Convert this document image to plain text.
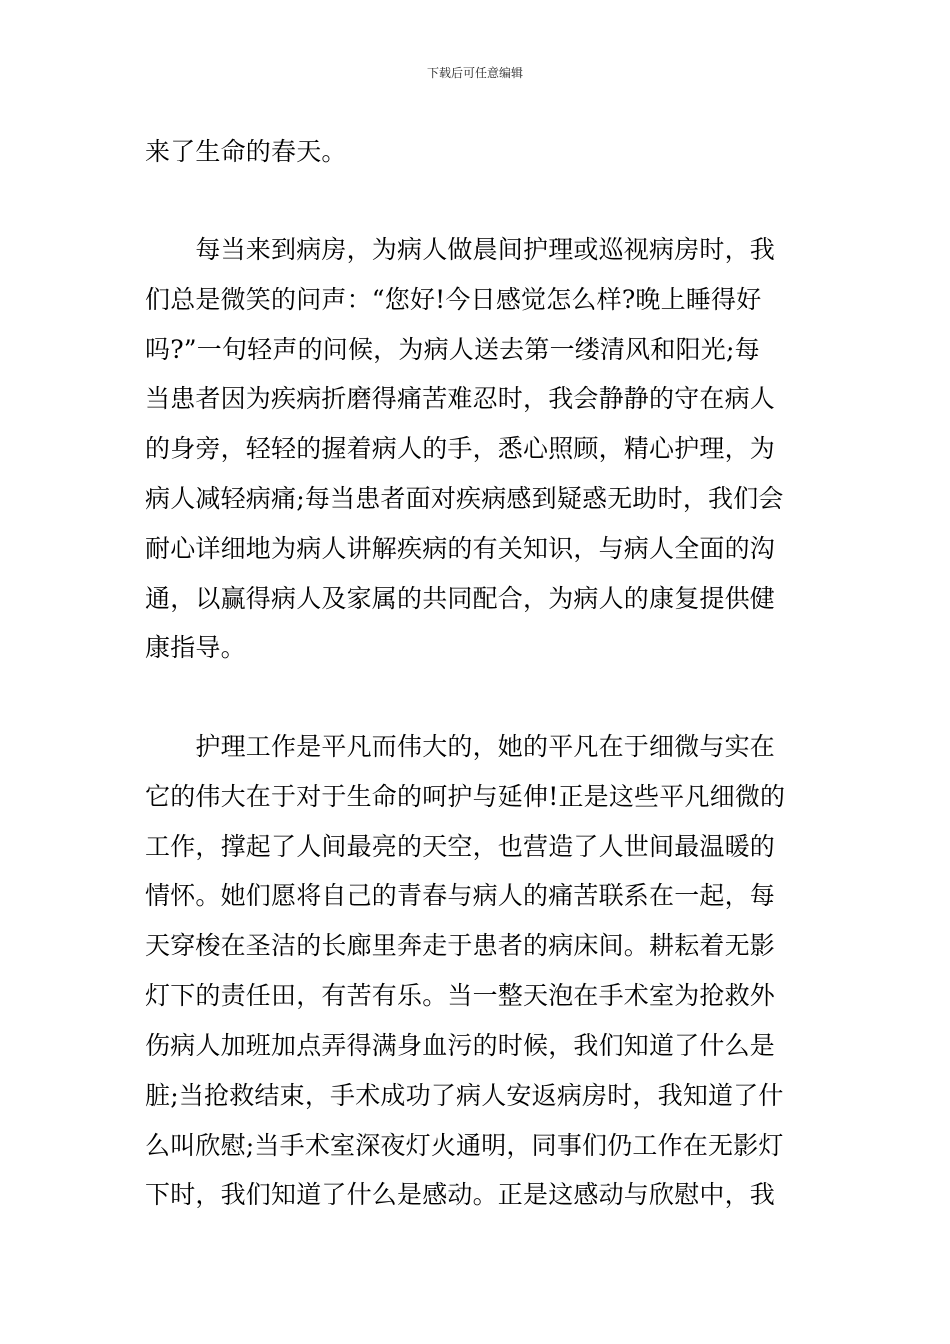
下载后可任意编辑
来了生命的春天。
　　每当来到病房，为病人做晨间护理或巡视病房时，我
们总是微笑的问声：“您好!今日感觉怎么样?晚上睡得好
吗?”一句轻声的问候，为病人送去第一缕清风和阳光;每
当患者因为疾病折磨得痛苦难忍时，我会静静的守在病人
的身旁，轻轻的握着病人的手，悉心照顾，精心护理，为
病人减轻病痛;每当患者面对疾病感到疑惑无助时，我们会
耐心详细地为病人讲解疾病的有关知识，与病人全面的沟
通，以赢得病人及家属的共同配合，为病人的康复提供健
康指导。
　　护理工作是平凡而伟大的，她的平凡在于细微与实在
它的伟大在于对于生命的呵护与延伸!正是这些平凡细微的
工作，撑起了人间最亮的天空，也营造了人世间最温暖的
情怀。她们愿将自己的青春与病人的痛苦联系在一起，每
天穿梭在圣洁的长廊里奔走于患者的病床间。耕耘着无影
灯下的责任田，有苦有乐。当一整天泡在手术室为抢救外
伤病人加班加点弄得满身血污的时候，我们知道了什么是
脏;当抢救结束，手术成功了病人安返病房时，我知道了什
么叫欣慰;当手术室深夜灯火通明，同事们仍工作在无影灯
下时，我们知道了什么是感动。正是这感动与欣慰中，我
